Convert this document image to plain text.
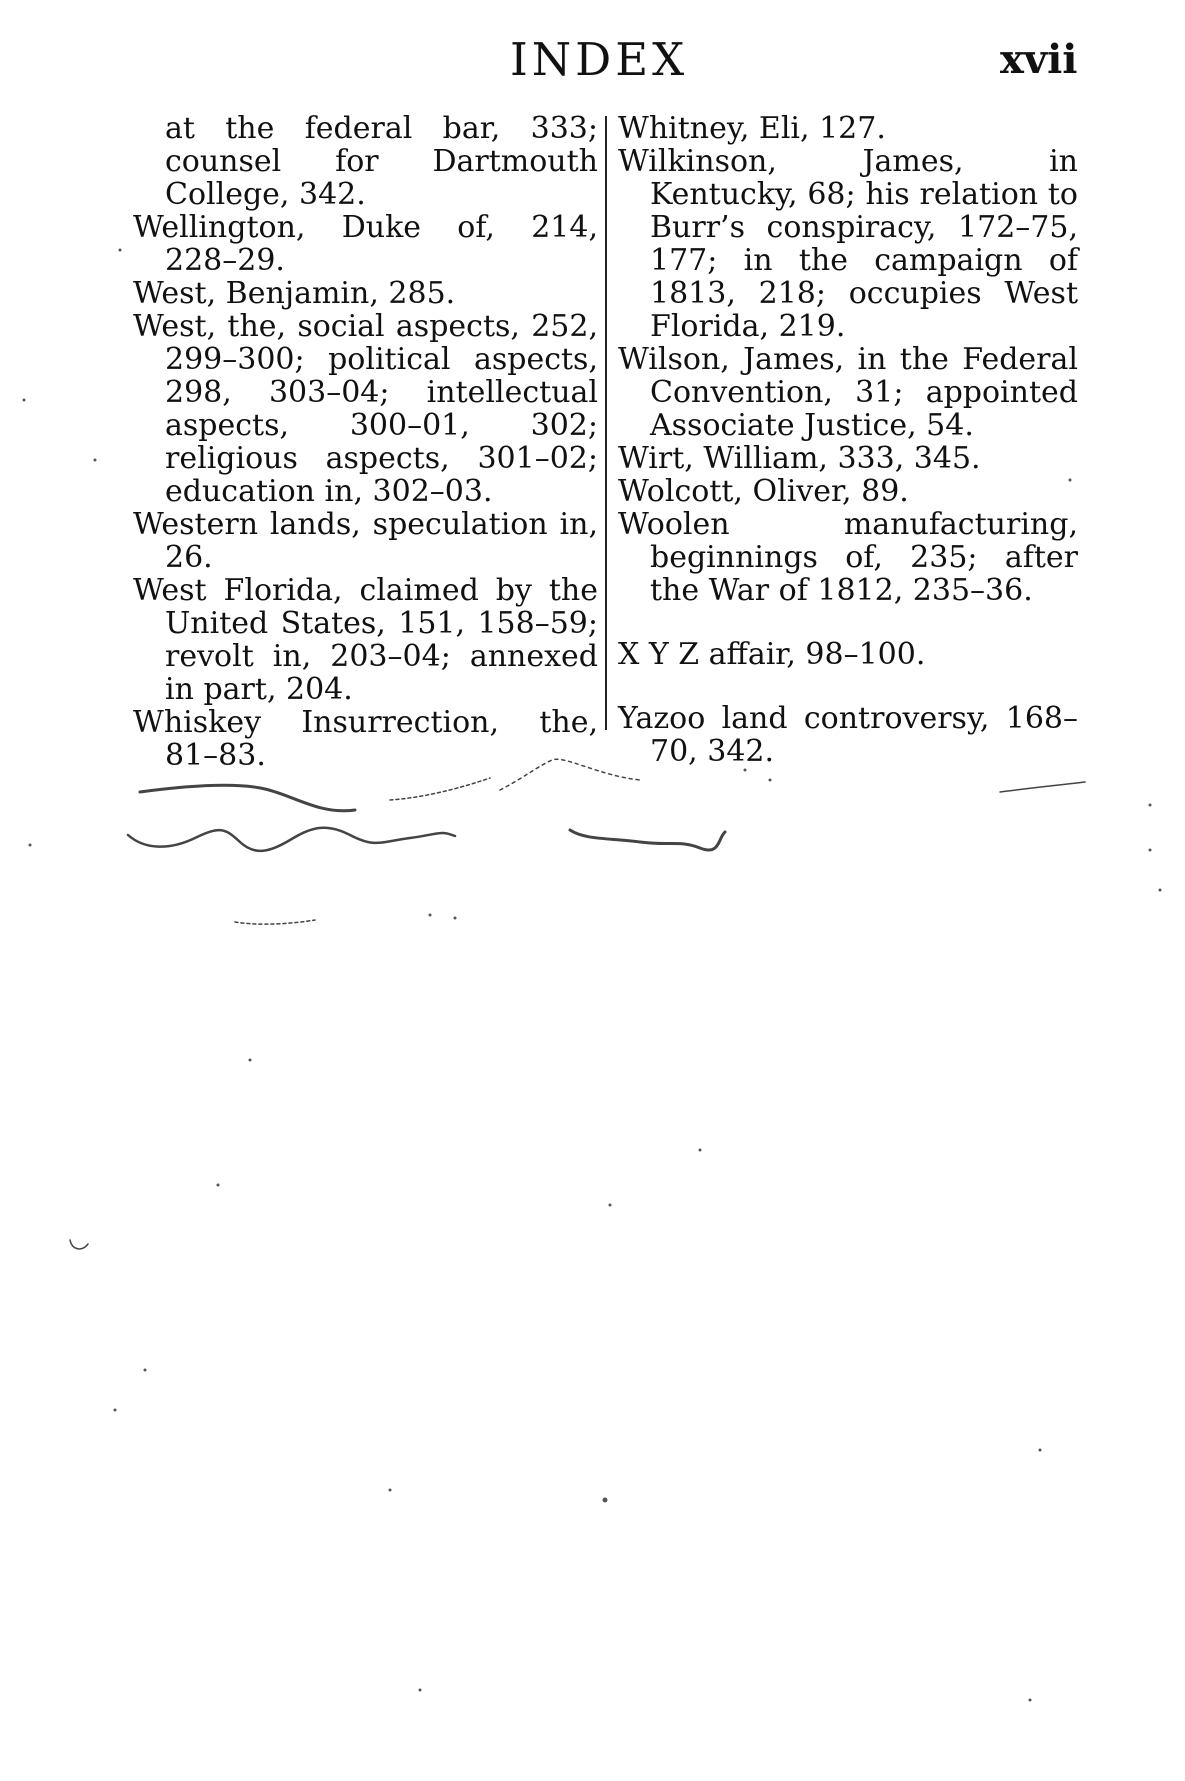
INDEX	xvii

at the federal bar, 333; counsel for Dartmouth College, 342.

Wellington, Duke of, 214, 228–29.

West, Benjamin, 285.

West, the, social aspects, 252, 299–300; political aspects, 298, 303–04; intellectual aspects, 300–01, 302; religious aspects, 301–02; education in, 302–03.

Western lands, speculation in, 26.

West Florida, claimed by the United States, 151, 158–59; revolt in, 203–04; annexed in part, 204.

Whiskey Insurrection, the, 81–83.

Whitney, Eli, 127.

Wilkinson, James, in Kentucky, 68; his relation to Burr’s conspiracy, 172–75, 177; in the campaign of 1813, 218; occupies West Florida, 219.

Wilson, James, in the Federal Convention, 31; appointed Associate Justice, 54.

Wirt, William, 333, 345.

Wolcott, Oliver, 89.

Woolen manufacturing, beginnings of, 235; after the War of 1812, 235–36.

X Y Z affair, 98–100.

Yazoo land controversy, 168–70, 342.
